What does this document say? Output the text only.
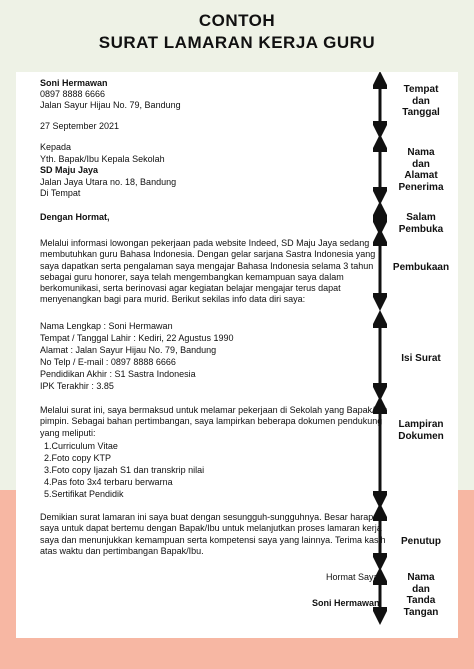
CONTOH
SURAT LAMARAN KERJA GURU
Soni Hermawan
0897 8888 6666
Jalan Sayur Hijau No. 79, Bandung
27 September 2021
Kepada
Yth. Bapak/Ibu Kepala Sekolah
SD Maju Jaya
Jalan Jaya Utara no. 18, Bandung
Di Tempat
Dengan Hormat,
Melalui informasi lowongan pekerjaan pada website Indeed, SD Maju Jaya sedang membutuhkan guru Bahasa Indonesia. Dengan gelar sarjana Sastra Indonesia yang saya dapatkan serta pengalaman saya mengajar Bahasa Indonesia selama 3 tahun sebagai guru honorer, saya telah mengembangkan kemampuan saya dalam berkomunikasi, serta berinovasi agar kegiatan belajar mengajar terus dapat menyenangkan bagi para murid. Berikut sekilas info data diri saya:
Nama Lengkap : Soni Hermawan
Tempat / Tanggal Lahir : Kediri, 22 Agustus 1990
Alamat : Jalan Sayur Hijau No. 79, Bandung
No Telp / E-mail : 0897 8888 6666
Pendidikan Akhir : S1 Sastra Indonesia
IPK Terakhir : 3.85
Melalui surat ini, saya bermaksud untuk melamar pekerjaan di Sekolah yang Bapak/Ibu pimpin. Sebagai bahan pertimbangan, saya lampirkan beberapa dokumen pendukung yang meliputi:
1.Curriculum Vitae
2.Foto copy KTP
3.Foto copy Ijazah S1 dan transkrip nilai
4.Pas foto 3x4 terbaru berwarna
5.Sertifikat Pendidik
Demikian surat lamaran ini saya buat dengan sesungguh-sungguhnya. Besar harapan saya untuk dapat bertemu dengan Bapak/Ibu untuk melanjutkan proses lamaran kerja saya dan menunjukkan kemampuan serta kompetensi saya yang lainnya. Terima kasih atas waktu dan pertimbangan Bapak/Ibu.
Hormat Saya,
Soni Hermawan
Tempat
dan
Tanggal
Nama
dan
Alamat
Penerima
Salam
Pembuka
Pembukaan
Isi Surat
Lampiran
Dokumen
Penutup
Nama
dan
Tanda
Tangan
